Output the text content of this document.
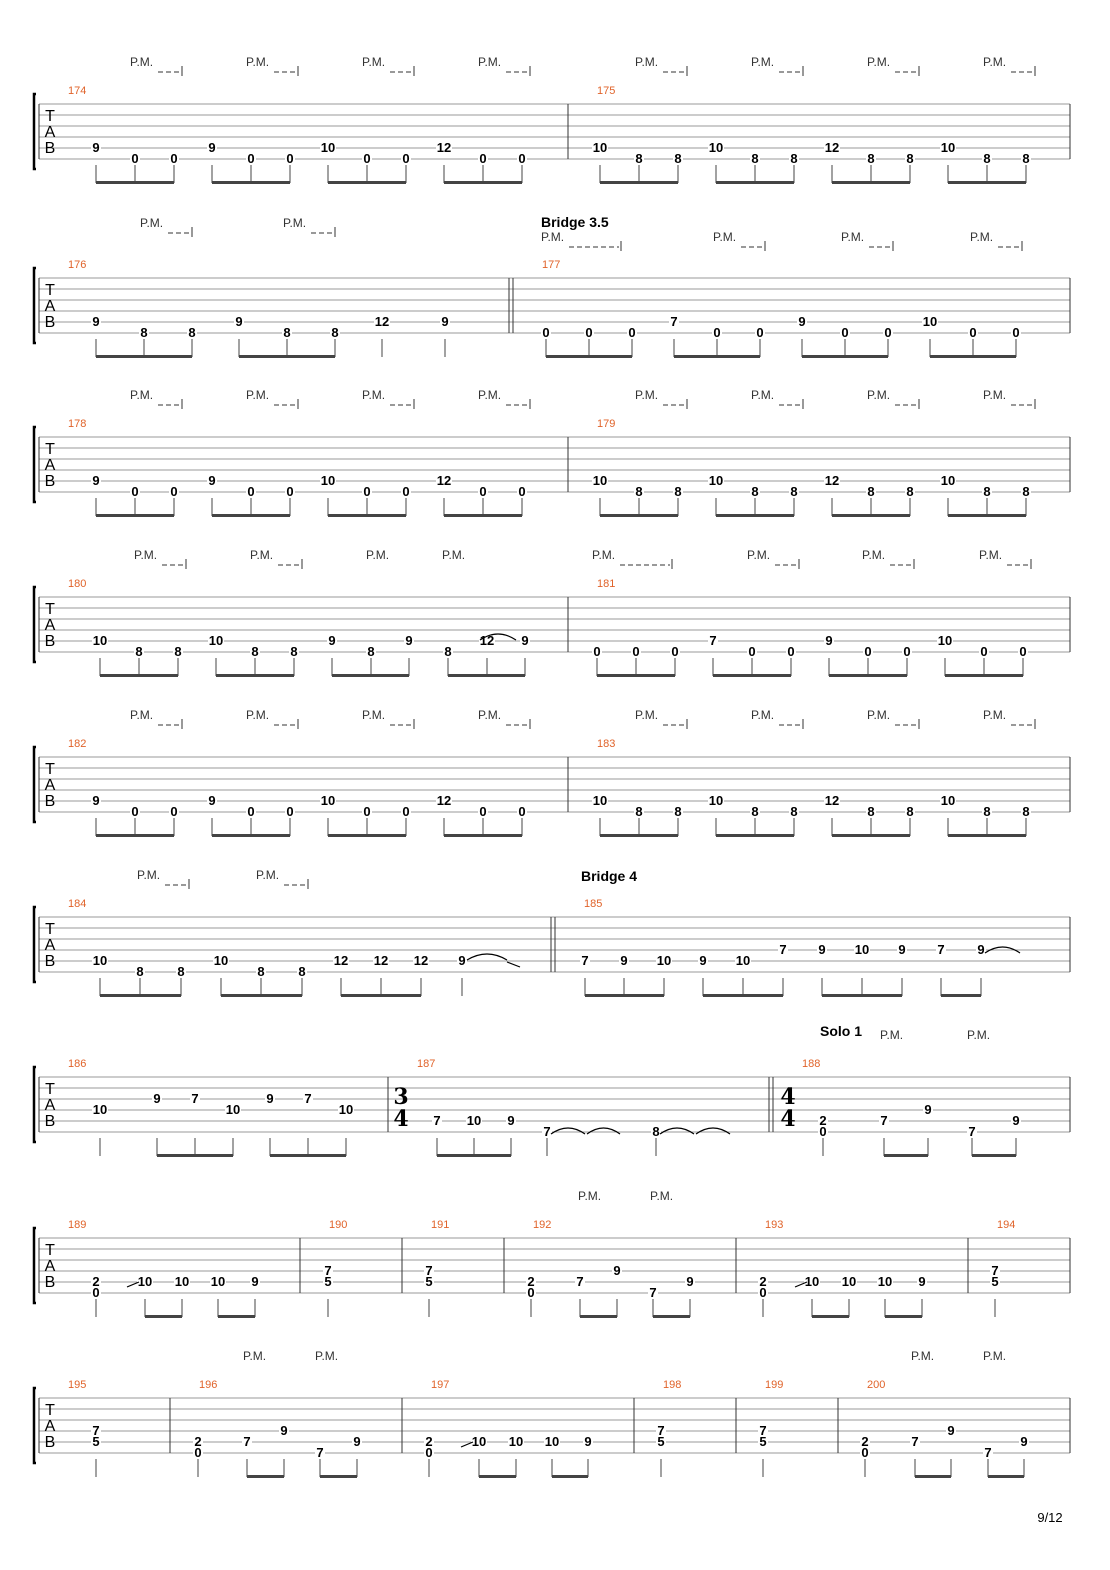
T
A
B
P.M.	P.M.	P.M.	P.M.	P.M.	P.M.	P.M.	P.M.
174
9
0 0
9
0 0
10
0 0
12
0 0
175
10
8 8
10
8 8
12
8 8
10
8 8
T
A
B
Bridge 3.5
P.M.	P.M.
P.M.	P.M.	P.M.	P.M.
176
9
8	8
9
8	8
12	9
177
0	0	0
7
0	0
9
0	0
10
0	0
T
A
B
P.M.	P.M.	P.M.	P.M.	P.M.	P.M.	P.M.	P.M.
178
9
0 0
9
0 0
10
0 0
12
0 0
179
10
8 8
10
8 8
12
8 8
10
8 8
T
A
B
P.M.	P.M.	P.M.	P.M.	P.M.	P.M.	P.M.	P.M.
180
10
8 8
10
8 8
9
8
9
8
12 9
181
0 0 0
7
0 0
9
0 0
10
0 0
T
A
B
P.M.	P.M.	P.M.	P.M.	P.M.	P.M.	P.M.	P.M.
182
9
0 0
9
0 0
10
0 0
12
0 0
183
10
8 8
10
8 8
12
8 8
10
8 8
T
A
B
Bridge 4
P.M.	P.M.
184
10
8	8
10
8	8
12 12 12 9
185
7 9 10 9 10
7 9 10 9 7	9
T
A
B
Solo 1 P.M.	P.M.
3
4
4
4
186
10
9 7
10
9 7
10
187
7 10 9
7	8
188
2
0
7
9
7
9
T
A
B
P.M.	P.M.
189
2
0
10 10 10 9
190
7
5
191
7
5
192
2
0
7
9
7
9
193
2
0
10 10 10 9
194
7
5
T
A
B
P.M.	P.M.	P.M.	P.M.
195
7
5
196
2
0
7
9
7
9
197
2
0
10 10 10 9
198
7
5
199
7
5
200
2
0
7
9
7
9
9/12
